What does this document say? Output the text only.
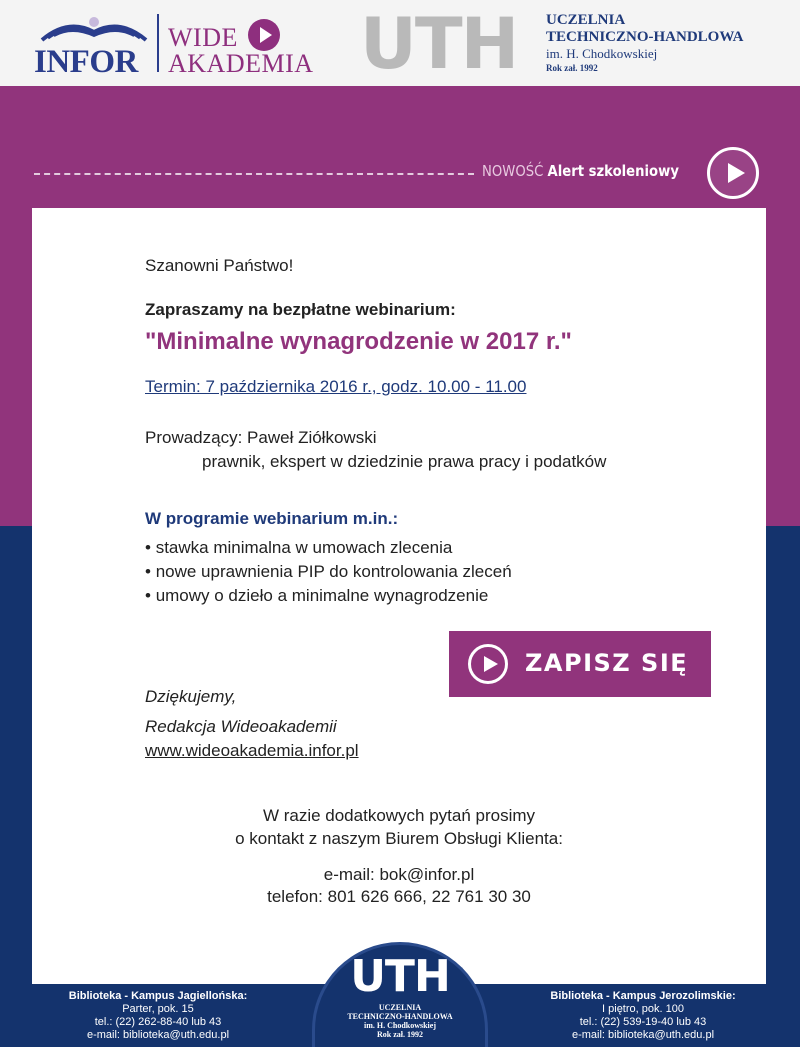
INFOR
WIDE
AKADEMIA UTH	UCZELNIA
TECHNICZNO-HANDLOWA
im. H. Chodkowskiej
Rok zał. 1992
NOWOŚĆ Alert szkoleniowy
Szanowni Państwo!
Zapraszamy na bezpłatne webinarium:
"Minimalne wynagrodzenie w 2017 r."
Termin: 7 października 2016 r., godz. 10.00 - 11.00
Prowadzący: Paweł Ziółkowski
prawnik, ekspert w dziedzinie prawa pracy i podatków
W programie webinarium m.in.:
• stawka minimalna w umowach zlecenia
• nowe uprawnienia PIP do kontrolowania zleceń
• umowy o dzieło a minimalne wynagrodzenie
ZAPISZ SIĘ
Dziękujemy,
Redakcja Wideoakademii
www.wideoakademia.infor.pl
W razie dodatkowych pytań prosimy
o kontakt z naszym Biurem Obsługi Klienta:
e-mail: bok@infor.pl
telefon: 801 626 666, 22 761 30 30
Biblioteka - Kampus Jagiellońska:
Parter, pok. 15
tel.: (22) 262-88-40 lub 43
e-mail: biblioteka@uth.edu.pl
UTH
UCZELNIA
TECHNICZNO-HANDLOWA
im. H. Chodkowskiej
Rok zał. 1992
Biblioteka - Kampus Jerozolimskie:
I piętro, pok. 100
tel.: (22) 539-19-40 lub 43
e-mail: biblioteka@uth.edu.pl
